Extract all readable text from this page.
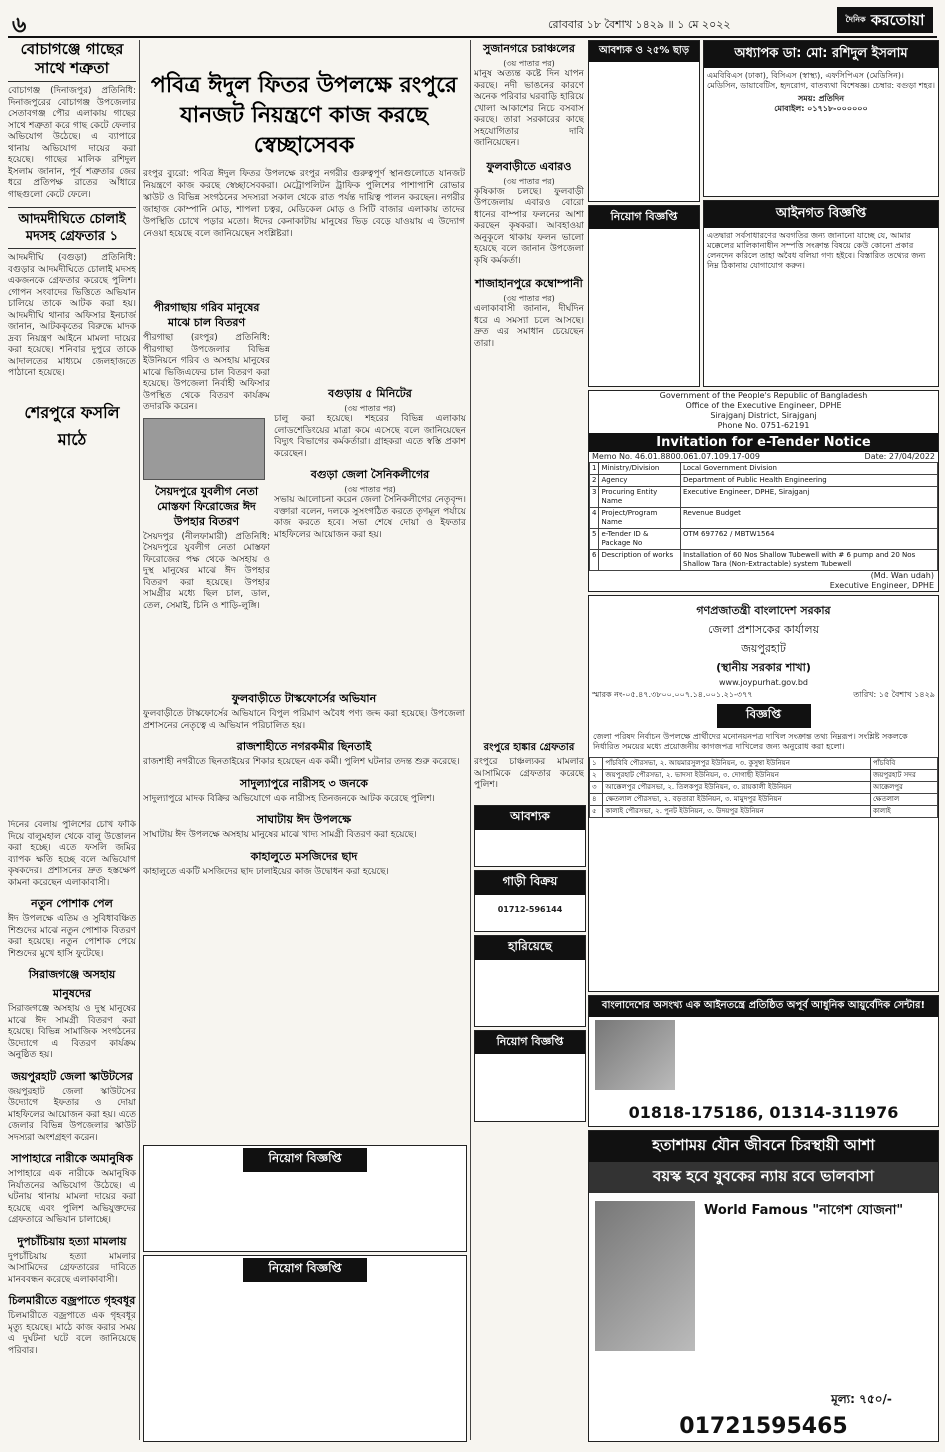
৬	রোববার ১৮ বৈশাখ ১৪২৯ ॥ ১ মে ২০২২	$^{দৈনিক}$ করতোয়া
বোচাগঞ্জে গাছের সাথে শত্রুতা

বোচাগঞ্জ (দিনাজপুর) প্রতিনিধি: দিনাজপুরের বোচাগঞ্জ উপজেলার সেতাবগঞ্জ পৌর এলাকায় গাছের সাথে শত্রুতা করে গাছ কেটে ফেলার অভিযোগ উঠেছে। এ ব্যাপারে থানায় অভিযোগ দায়ের করা হয়েছে। গাছের মালিক রশিদুল ইসলাম জানান, পূর্ব শত্রুতার জের ধরে প্রতিপক্ষ রাতের আঁধারে গাছগুলো কেটে ফেলে।

আদমদীঘিতে চোলাই মদসহ গ্রেফতার ১

আদমদীঘি (বগুড়া) প্রতিনিধি: বগুড়ার আদমদীঘিতে চোলাই মদসহ একজনকে গ্রেফতার করেছে পুলিশ। গোপন সংবাদের ভিত্তিতে অভিযান চালিয়ে তাকে আটক করা হয়। আদমদীঘি থানার অফিসার ইনচার্জ জানান, আটককৃতের বিরুদ্ধে মাদক দ্রব্য নিয়ন্ত্রণ আইনে মামলা দায়ের করা হয়েছে। শনিবার দুপুরে তাকে আদালতের মাধ্যমে জেলহাজতে পাঠানো হয়েছে।

শেরপুরে ফসলি মাঠে
পবিত্র ঈদুল ফিতর উপলক্ষে রংপুরে যানজট নিয়ন্ত্রণে কাজ করছে স্বেচ্ছাসেবক

রংপুর ব্যুরো: পবিত্র ঈদুল ফিতর উপলক্ষে রংপুর নগরীর গুরুত্বপূর্ণ স্থানগুলোতে যানজট নিয়ন্ত্রণে কাজ করছে স্বেচ্ছাসেবকরা। মেট্রোপলিটন ট্রাফিক পুলিশের পাশাপাশি রোভার স্কাউট ও বিভিন্ন সংগঠনের সদস্যরা সকাল থেকে রাত পর্যন্ত দায়িত্ব পালন করছেন। নগরীর জাহাজ কোম্পানি মোড়, শাপলা চত্বর, মেডিকেল মোড় ও সিটি বাজার এলাকায় তাদের উপস্থিতি চোখে পড়ার মতো। ঈদের কেনাকাটায় মানুষের ভিড় বেড়ে যাওয়ায় এ উদ্যোগ নেওয়া হয়েছে বলে জানিয়েছেন সংশ্লিষ্টরা।

পীরগাছায় গরিব মানুষের মাঝে চাল বিতরণ

পীরগাছা (রংপুর) প্রতিনিধি: পীরগাছা উপজেলার বিভিন্ন ইউনিয়নে গরিব ও অসহায় মানুষের মাঝে ভিজিএফের চাল বিতরণ করা হয়েছে। উপজেলা নির্বাহী অফিসার উপস্থিত থেকে বিতরণ কার্যক্রম তদারকি করেন।

সৈয়দপুরে যুবলীগ নেতা মোস্তফা ফিরোজের ঈদ উপহার বিতরণ

সৈয়দপুর (নীলফামারী) প্রতিনিধি: সৈয়দপুরে যুবলীগ নেতা মোস্তফা ফিরোজের পক্ষ থেকে অসহায় ও দুস্থ মানুষের মাঝে ঈদ উপহার বিতরণ করা হয়েছে। উপহার সামগ্রীর মধ্যে ছিল চাল, ডাল, তেল, সেমাই, চিনি ও শাড়ি-লুঙ্গি।

বগুড়ায় ৫ মিনিটের
(৩য় পাতার পর)

চালু করা হয়েছে। শহরের বিভিন্ন এলাকায় লোডশেডিংয়ের মাত্রা কমে এসেছে বলে জানিয়েছেন বিদ্যুৎ বিভাগের কর্মকর্তারা। গ্রাহকরা এতে স্বস্তি প্রকাশ করেছেন।

বগুড়া জেলা সৈনিকলীগের
(৩য় পাতার পর)

সভায় আলোচনা করেন জেলা সৈনিকলীগের নেতৃবৃন্দ। বক্তারা বলেন, দলকে সুসংগঠিত করতে তৃণমূল পর্যায়ে কাজ করতে হবে। সভা শেষে দোয়া ও ইফতার মাহফিলের আয়োজন করা হয়।

ফুলবাড়ীতে টাস্কফোর্সের অভিযান

ফুলবাড়ীতে টাস্কফোর্সের অভিযানে বিপুল পরিমাণ অবৈধ পণ্য জব্দ করা হয়েছে। উপজেলা প্রশাসনের নেতৃত্বে এ অভিযান পরিচালিত হয়।

রাজশাহীতে নগরকমীর ছিনতাই

রাজশাহী নগরীতে ছিনতাইয়ের শিকার হয়েছেন এক কর্মী। পুলিশ ঘটনার তদন্ত শুরু করেছে।

সাদুল্যাপুরে নারীসহ ৩ জনকে

সাদুল্যাপুরে মাদক বিক্রির অভিযোগে এক নারীসহ তিনজনকে আটক করেছে পুলিশ।

সাঘাটায় ঈদ উপলক্ষে

সাঘাটায় ঈদ উপলক্ষে অসহায় মানুষের মাঝে খাদ্য সামগ্রী বিতরণ করা হয়েছে।

কাহালুতে মসজিদের ছাদ

কাহালুতে একটি মসজিদের ছাদ ঢালাইয়ের কাজ উদ্বোধন করা হয়েছে।

দিনের বেলায় পুলিশের চোখ ফাঁকি দিয়ে বালুমহাল থেকে বালু উত্তোলন করা হচ্ছে। এতে ফসলি জমির ব্যাপক ক্ষতি হচ্ছে বলে অভিযোগ কৃষকদের। প্রশাসনের দ্রুত হস্তক্ষেপ কামনা করেছেন এলাকাবাসী।

নতুন পোশাক পেল

ঈদ উপলক্ষে এতিম ও সুবিধাবঞ্চিত শিশুদের মাঝে নতুন পোশাক বিতরণ করা হয়েছে। নতুন পোশাক পেয়ে শিশুদের মুখে হাসি ফুটেছে।

সিরাজগঞ্জে অসহায় মানুষদের

সিরাজগঞ্জে অসহায় ও দুস্থ মানুষের মাঝে ঈদ সামগ্রী বিতরণ করা হয়েছে। বিভিন্ন সামাজিক সংগঠনের উদ্যোগে এ বিতরণ কার্যক্রম অনুষ্ঠিত হয়।

জয়পুরহাট জেলা স্কাউটসের

জয়পুরহাট জেলা স্কাউটসের উদ্যোগে ইফতার ও দোয়া মাহফিলের আয়োজন করা হয়। এতে জেলার বিভিন্ন উপজেলার স্কাউট সদস্যরা অংশগ্রহণ করেন।

সাপাহারে নারীকে অমানুষিক

সাপাহারে এক নারীকে অমানুষিক নির্যাতনের অভিযোগ উঠেছে। এ ঘটনায় থানায় মামলা দায়ের করা হয়েছে এবং পুলিশ অভিযুক্তদের গ্রেফতারে অভিযান চালাচ্ছে।

দুপচাঁচিয়ায় হত্যা মামলায়

দুপচাঁচিয়ায় হত্যা মামলার আসামিদের গ্রেফতারের দাবিতে মানববন্ধন করেছে এলাকাবাসী।

চিলমারীতে বজ্রপাতে গৃহবধূর

চিলমারীতে বজ্রপাতে এক গৃহবধূর মৃত্যু হয়েছে। মাঠে কাজ করার সময় এ দুর্ঘটনা ঘটে বলে জানিয়েছে পরিবার।

সুজানগরে চরাঞ্চলের
(৩য় পাতার পর)

মানুষ অত্যন্ত কষ্টে দিন যাপন করছে। নদী ভাঙনের কারণে অনেক পরিবার ঘরবাড়ি হারিয়ে খোলা আকাশের নিচে বসবাস করছে। তারা সরকারের কাছে সহযোগিতার দাবি জানিয়েছেন।

ফুলবাড়ীতে এবারও
(৩য় পাতার পর)

কৃষিকাজ চলছে। ফুলবাড়ী উপজেলায় এবারও বোরো ধানের বাম্পার ফলনের আশা করছেন কৃষকরা। আবহাওয়া অনুকূলে থাকায় ফলন ভালো হয়েছে বলে জানান উপজেলা কৃষি কর্মকর্তা।

শাজাহানপুরে কম্বোম্পানী
(৩য় পাতার পর)

এলাকাবাসী জানান, দীর্ঘদিন ধরে এ সমস্যা চলে আসছে। দ্রুত এর সমাধান চেয়েছেন তারা।

রংপুরে হাঙ্কার গ্রেফতার

রংপুরে চাঞ্চল্যকর মামলার আসামিকে গ্রেফতার করেছে পুলিশ।

আবশ্যক
গাড়ী বিক্রয়
01712-596144
হারিয়েছে
আবশ্যক ও ২৫% ছাড়	অধ্যাপক ডা: মো: রশিদুল ইসলাম
এমবিবিএস (ঢাকা), বিসিএস (স্বাস্থ্য), এফসিপিএস (মেডিসিন)। মেডিসিন, ডায়াবেটিস, হৃদরোগ, বাতব্যথা বিশেষজ্ঞ। চেম্বার: বগুড়া শহর।
সময়: প্রতিদিন
মোবাইল: ০১৭১৮-০০০০০০
নিয়োগ বিজ্ঞপ্তি	আইনগত বিজ্ঞপ্তি
এতদ্বারা সর্বসাধারণের অবগতির জন্য জানানো যাচ্ছে যে, আমার মক্কেলের মালিকানাধীন সম্পত্তি সংক্রান্ত বিষয়ে কেউ কোনো প্রকার লেনদেন করিলে তাহা অবৈধ বলিয়া গণ্য হইবে। বিস্তারিত তথ্যের জন্য নিম্ন ঠিকানায় যোগাযোগ করুন।
Government of the People's Republic of Bangladesh
Office of the Executive Engineer, DPHE
Sirajganj District, Sirajganj
Phone No. 0751-62191
Invitation for e-Tender Notice
Memo No. 46.01.8800.061.07.109.17-009	Date: 27/04/2022
1	Ministry/Division	Local Government Division
2	Agency	Department of Public Health Engineering
3	Procuring Entity Name	Executive Engineer, DPHE, Sirajganj
4	Project/Program Name	Revenue Budget
5	e-Tender ID & Package No	OTM 697762 / MBTW1564
6	Description of works	Installation of 60 Nos Shallow Tubewell with # 6 pump and 20 Nos Shallow Tara (Non-Extractable) system Tubewell
(Md. Wan udah)
Executive Engineer, DPHE
গণপ্রজাতন্ত্রী বাংলাদেশ সরকার
জেলা প্রশাসকের কার্যালয়
জয়পুরহাট
(স্থানীয় সরকার শাখা)
www.joypurhat.gov.bd
স্মারক নং-০৫.৪৭.৩৮০০.০০৭.১৪.০০১.২১-৩৭৭	তারিখ: ১৫ বৈশাখ ১৪২৯
বিজ্ঞপ্তি
জেলা পরিষদ নির্বাচন উপলক্ষে প্রার্থীদের মনোনয়নপত্র দাখিল সংক্রান্ত তথ্য নিম্নরূপ। সংশ্লিষ্ট সকলকে নির্ধারিত সময়ের মধ্যে প্রয়োজনীয় কাগজপত্র দাখিলের জন্য অনুরোধ করা হলো।
১	পাঁচবিবি পৌরসভা, ২. আয়মারসুলপুর ইউনিয়ন, ৩. কুসুম্বা ইউনিয়ন	পাঁচবিবি
২	জয়পুরহাট পৌরসভা, ২. ভাদসা ইউনিয়ন, ৩. দোগাছী ইউনিয়ন	জয়পুরহাট সদর
৩	আক্কেলপুর পৌরসভা, ২. তিলকপুর ইউনিয়ন, ৩. রায়কালী ইউনিয়ন	আক্কেলপুর
৪	ক্ষেতলাল পৌরসভা, ২. বড়তারা ইউনিয়ন, ৩. মামুদপুর ইউনিয়ন	ক্ষেতলাল
৫	কালাই পৌরসভা, ২. পুনট ইউনিয়ন, ৩. উদয়পুর ইউনিয়ন	কালাই
নিয়োগ বিজ্ঞপ্তি
নিয়োগ বিজ্ঞপ্তি
নিয়োগ বিজ্ঞপ্তি
বাংলাদেশের অসংখ্য এক আইনতন্ত্রে প্রতিষ্ঠিত অপূর্ব আধুনিক আয়ুর্বেদিক সেন্টার!
01818-175186, 01314-311976
হতাশাময় যৌন জীবনে চিরস্থায়ী আশা
বয়স্ক হবে যুবকের ন্যায় রবে ভালবাসা
World Famous "নাগেশ যোজনা"
মূল্য: ৭৫০/-
01721595465
